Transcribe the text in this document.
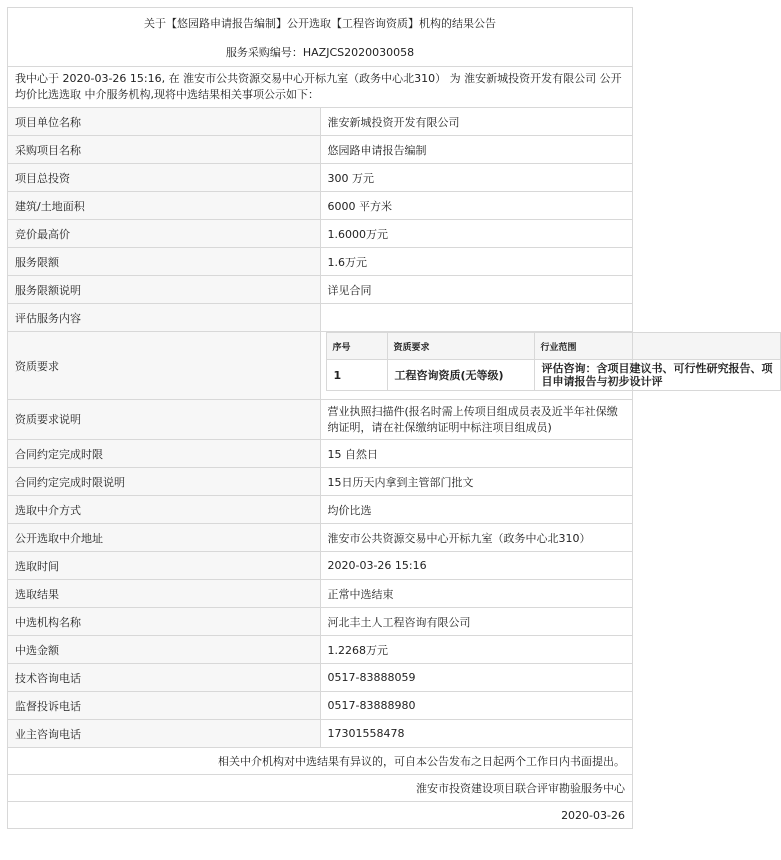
关于【悠园路申请报告编制】公开选取【工程咨询资质】机构的结果公告
服务采购编号：HAZJCS2020030058
我中心于 2020-03-26 15:16, 在 淮安市公共资源交易中心开标九室（政务中心北310） 为 淮安新城投资开发有限公司 公开均价比选选取 中介服务机构,现将中选结果相关事项公示如下：
项目单位名称	淮安新城投资开发有限公司
采购项目名称	悠园路申请报告编制
项目总投资	300 万元
建筑/土地面积	6000 平方米
竞价最高价	1.6000万元
服务限额	1.6万元
服务限额说明	详见合同
评估服务内容	
资质要求	
序号	资质要求	行业范围
1	工程咨询资质(无等级)	评估咨询：含项目建议书、可行性研究报告、项目申请报告与初步设计评

资质要求说明	营业执照扫描件(报名时需上传项目组成员表及近半年社保缴纳证明，请在社保缴纳证明中标注项目组成员)
合同约定完成时限	15 自然日
合同约定完成时限说明	15日历天内拿到主管部门批文
选取中介方式	均价比选
公开选取中介地址	淮安市公共资源交易中心开标九室（政务中心北310）
选取时间	2020-03-26 15:16
选取结果	正常中选结束
中选机构名称	河北丰土人工程咨询有限公司
中选金额	1.2268万元
技术咨询电话	0517-83888059
监督投诉电话	0517-83888980
业主咨询电话	17301558478
相关中介机构对中选结果有异议的，可自本公告发布之日起两个工作日内书面提出。
淮安市投资建设项目联合评审勘验服务中心
2020-03-26
